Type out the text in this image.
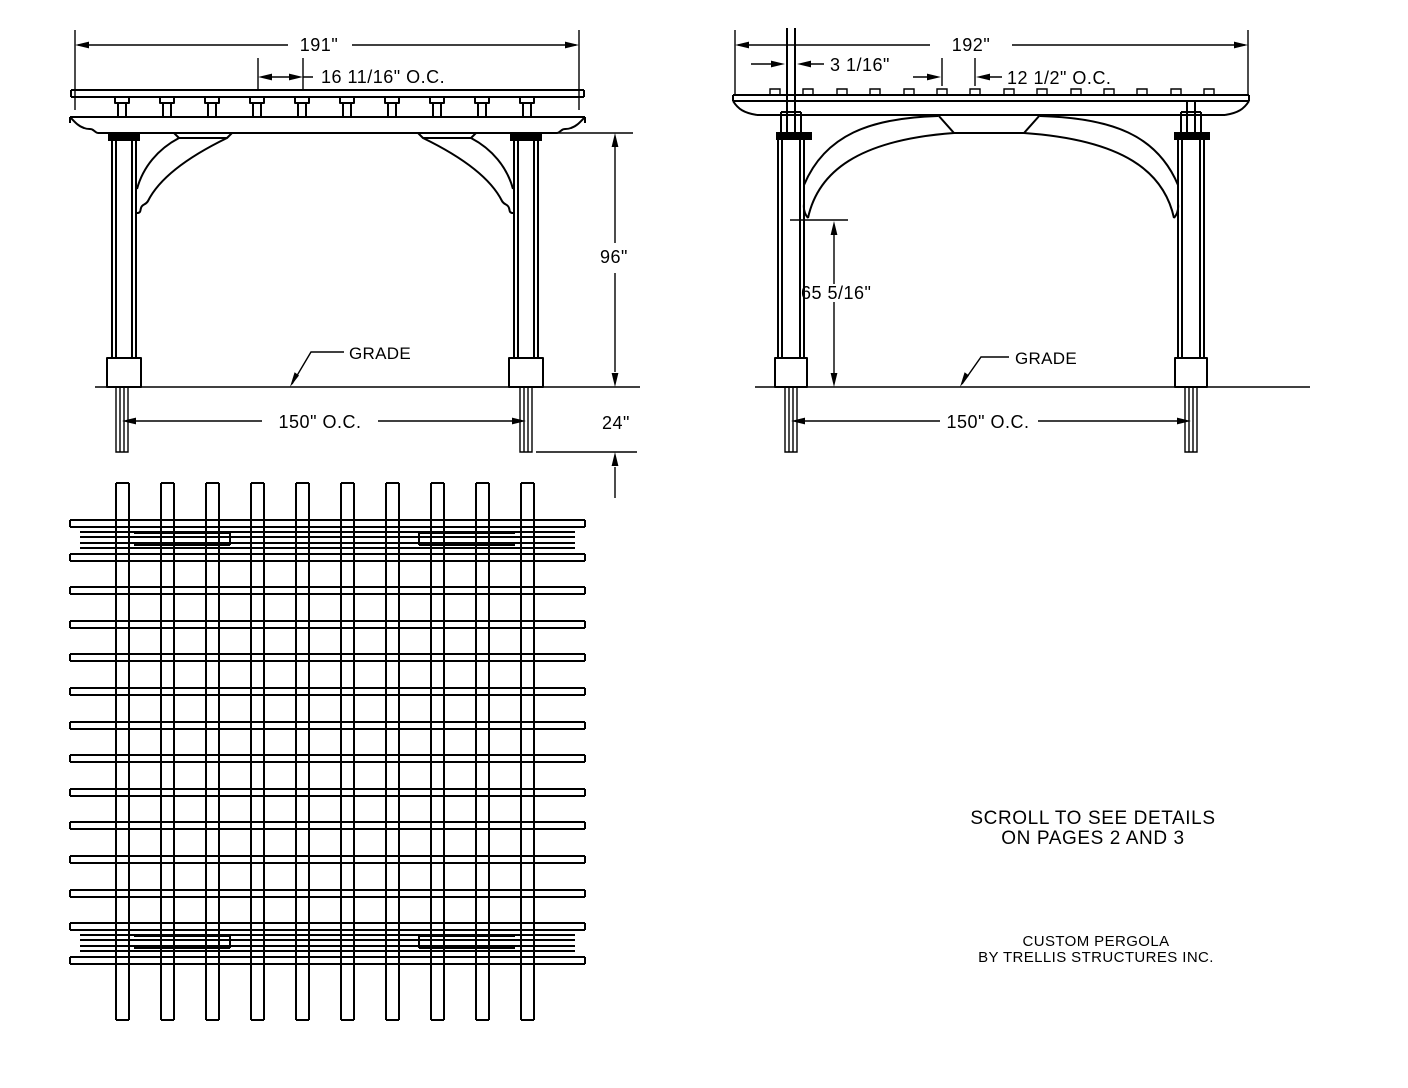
191"
16 11/16" O.C.
96"
GRADE
150" O.C.	24"
192"
3 1/16"
12 1/2" O.C.
65 5/16"
GRADE
150" O.C.
SCROLL TO SEE DETAILS
ON PAGES 2 AND 3
CUSTOM PERGOLA
BY TRELLIS STRUCTURES INC.
